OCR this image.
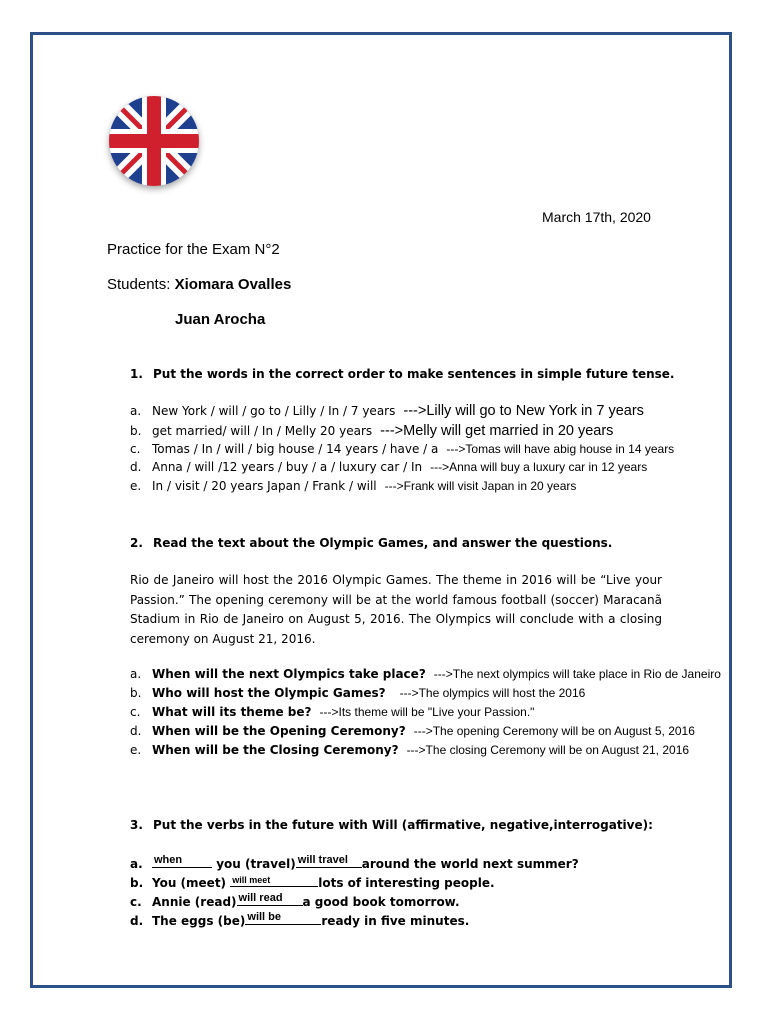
March 17th, 2020
Practice for the Exam N°2
Students: Xiomara Ovalles
Juan Arocha
1. Put the words in the correct order to make sentences in simple future tense.
a. New York / will / go to / Lilly / In / 7 years --->Lilly will go to New York in 7 years
b. get married/ will / In / Melly 20 years --->Melly will get married in 20 years
c. Tomas / In / will / big house / 14 years / have / a --->Tomas will have abig house in 14 years
d. Anna / will /12 years / buy / a / luxury car / In --->Anna will buy a luxury car in 12 years
e. In / visit / 20 years Japan / Frank / will --->Frank will visit Japan in 20 years
2. Read the text about the Olympic Games, and answer the questions.
Rio de Janeiro will host the 2016 Olympic Games. The theme in 2016 will be “Live your Passion.” The opening ceremony will be at the world famous football (soccer) Maracanã Stadium in Rio de Janeiro on August 5, 2016. The Olympics will conclude with a closing ceremony on August 21, 2016.
a. When will the next Olympics take place? --->The next olympics will take place in Rio de Janeiro
b. Who will host the Olympic Games? --->The olympics will host the 2016
c. What will its theme be? --->Its theme will be "Live your Passion."
d. When will be the Opening Ceremony? --->The opening Ceremony will be on August 5, 2016
e. When will be the Closing Ceremony? --->The closing Ceremony will be on August 21, 2016
3. Put the verbs in the future with Will (affirmative, negative,interrogative):
a. when	you (travel) will travel around the world next summer?
b. You (meet) will meet	lots of interesting people.
c. Annie (read) will read a good book tomorrow.
d. The eggs (be) will be	ready in five minutes.
